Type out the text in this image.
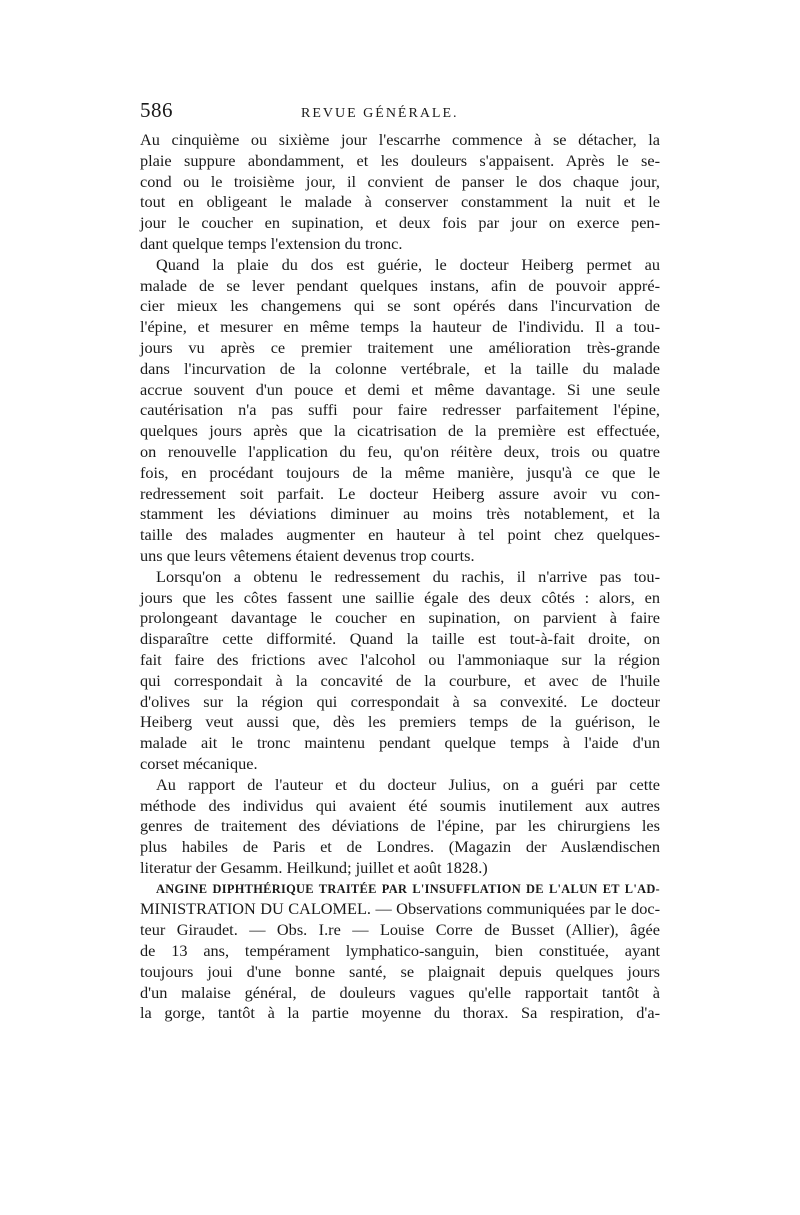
586	REVUE GÉNÉRALE.
Au cinquième ou sixième jour l'escarrhe commence à se détacher, la
plaie suppure abondamment, et les douleurs s'appaisent. Après le se-
cond ou le troisième jour, il convient de panser le dos chaque jour,
tout en obligeant le malade à conserver constamment la nuit et le
jour le coucher en supination, et deux fois par jour on exerce pen-
dant quelque temps l'extension du tronc.
Quand la plaie du dos est guérie, le docteur Heiberg permet au
malade de se lever pendant quelques instans, afin de pouvoir appré-
cier mieux les changemens qui se sont opérés dans l'incurvation de
l'épine, et mesurer en même temps la hauteur de l'individu. Il a tou-
jours vu après ce premier traitement une amélioration très-grande
dans l'incurvation de la colonne vertébrale, et la taille du malade
accrue souvent d'un pouce et demi et même davantage. Si une seule
cautérisation n'a pas suffi pour faire redresser parfaitement l'épine,
quelques jours après que la cicatrisation de la première est effectuée,
on renouvelle l'application du feu, qu'on réitère deux, trois ou quatre
fois, en procédant toujours de la même manière, jusqu'à ce que le
redressement soit parfait. Le docteur Heiberg assure avoir vu con-
stamment les déviations diminuer au moins très notablement, et la
taille des malades augmenter en hauteur à tel point chez quelques-
uns que leurs vêtemens étaient devenus trop courts.
Lorsqu'on a obtenu le redressement du rachis, il n'arrive pas tou-
jours que les côtes fassent une saillie égale des deux côtés : alors, en
prolongeant davantage le coucher en supination, on parvient à faire
disparaître cette difformité. Quand la taille est tout-à-fait droite, on
fait faire des frictions avec l'alcohol ou l'ammoniaque sur la région
qui correspondait à la concavité de la courbure, et avec de l'huile
d'olives sur la région qui correspondait à sa convexité. Le docteur
Heiberg veut aussi que, dès les premiers temps de la guérison, le
malade ait le tronc maintenu pendant quelque temps à l'aide d'un
corset mécanique.
Au rapport de l'auteur et du docteur Julius, on a guéri par cette
méthode des individus qui avaient été soumis inutilement aux autres
genres de traitement des déviations de l'épine, par les chirurgiens les
plus habiles de Paris et de Londres. (Magazin der Auslændischen
literatur der Gesamm. Heilkund; juillet et août 1828.)
ANGINE DIPHTHÉRIQUE TRAITÉE PAR L'INSUFFLATION DE L'ALUN ET L'AD-
MINISTRATION DU CALOMEL. — Observations communiquées par le doc-
teur Giraudet. — Obs. I.re — Louise Corre de Busset (Allier), âgée
de 13 ans, tempérament lymphatico-sanguin, bien constituée, ayant
toujours joui d'une bonne santé, se plaignait depuis quelques jours
d'un malaise général, de douleurs vagues qu'elle rapportait tantôt à
la gorge, tantôt à la partie moyenne du thorax. Sa respiration, d'a-
